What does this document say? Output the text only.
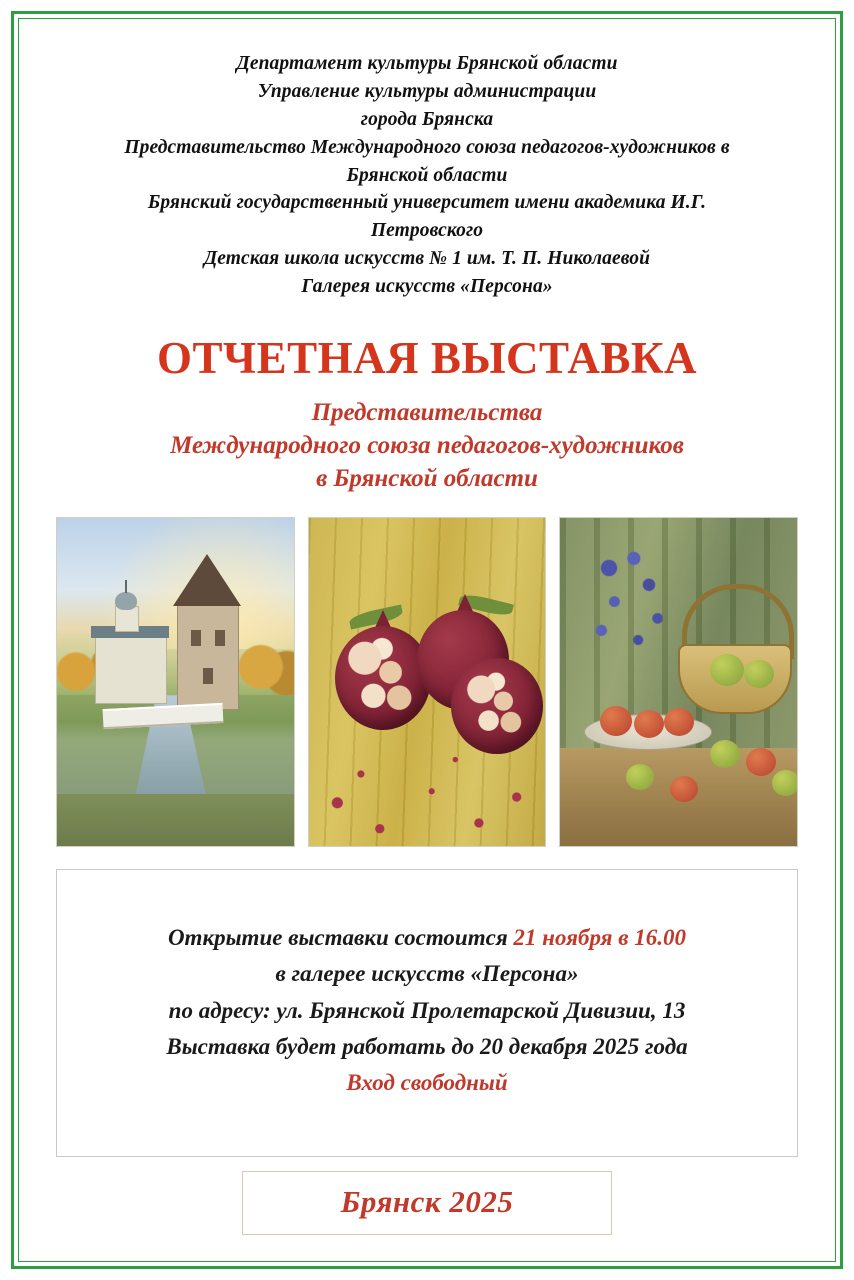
Департамент культуры Брянской области
Управление культуры администрации
города Брянска
Представительство Международного союза педагогов-художников в
Брянской области
Брянский государственный университет имени академика И.Г.
Петровского
Детская школа искусств № 1 им. Т. П. Николаевой
Галерея искусств «Персона»
ОТЧЕТНАЯ ВЫСТАВКА
Представительства
Международного союза педагогов-художников
в Брянской области
Открытие выставки состоится 21 ноября в 16.00
в галерее искусств «Персона»
по адресу: ул. Брянской Пролетарской Дивизии, 13
Выставка будет работать до 20 декабря 2025 года
Вход свободный
Брянск 2025
